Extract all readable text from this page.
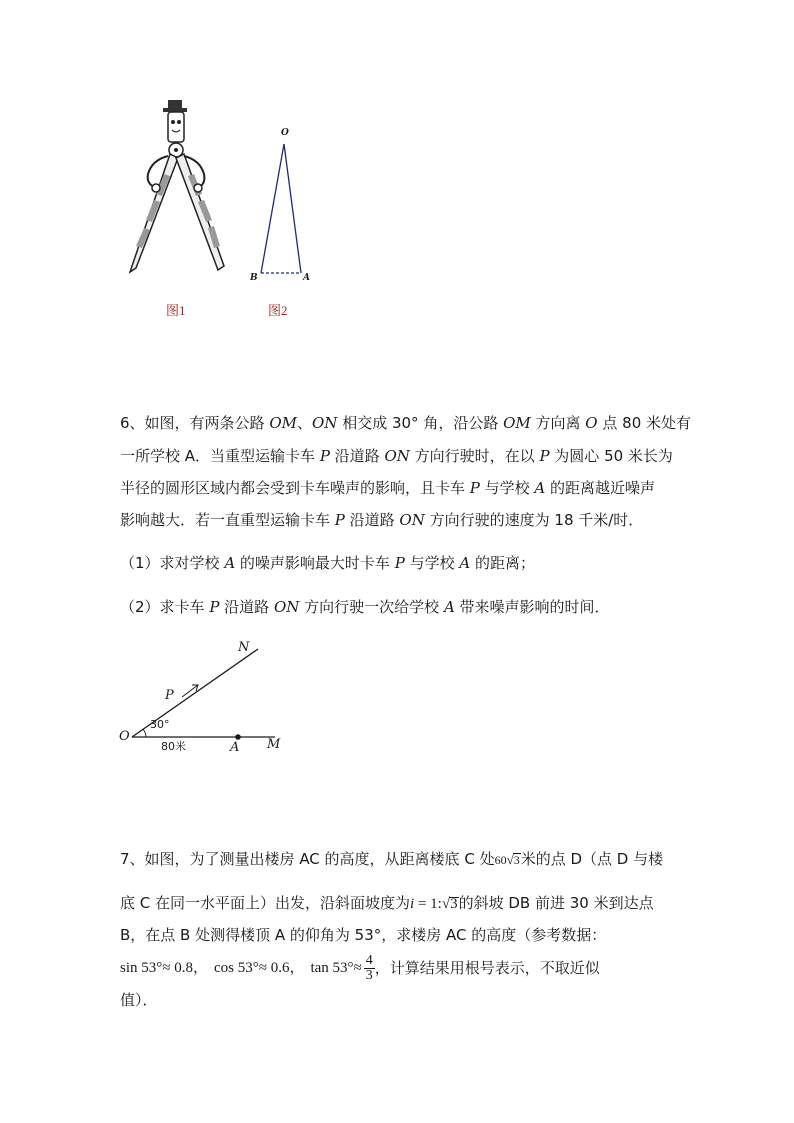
图1
O
B	A
图2
6、如图，有两条公路 OM、ON 相交成 30° 角，沿公路 OM 方向离 O 点 80 米处有
一所学校 A．当重型运输卡车 P 沿道路 ON 方向行驶时，在以 P 为圆心 50 米长为
半径的圆形区域内都会受到卡车噪声的影响，且卡车 P 与学校 A 的距离越近噪声
影响越大．若一直重型运输卡车 P 沿道路 ON 方向行驶的速度为 18 千米/时．
（1）求对学校 A 的噪声影响最大时卡车 P 与学校 A 的距离；
（2）求卡车 P 沿道路 ON 方向行驶一次给学校 A 带来噪声影响的时间．
N
P
O
30°
80米	A M
7、如图，为了测量出楼房 AC 的高度，从距离楼底 C 处60√3米的点 D（点 D 与楼
底 C 在同一水平面上）出发，沿斜面坡度为i = 1:√3的斜坡 DB 前进 30 米到达点
B，在点 B 处测得楼顶 A 的仰角为 53°，求楼房 AC 的高度（参考数据：
sin 53°≈ 0.8， cos 53°≈ 0.6， $\tan 53^\circ\approx \frac{4}{3}$ ，计算结果用根号表示，不取近似
值）．
